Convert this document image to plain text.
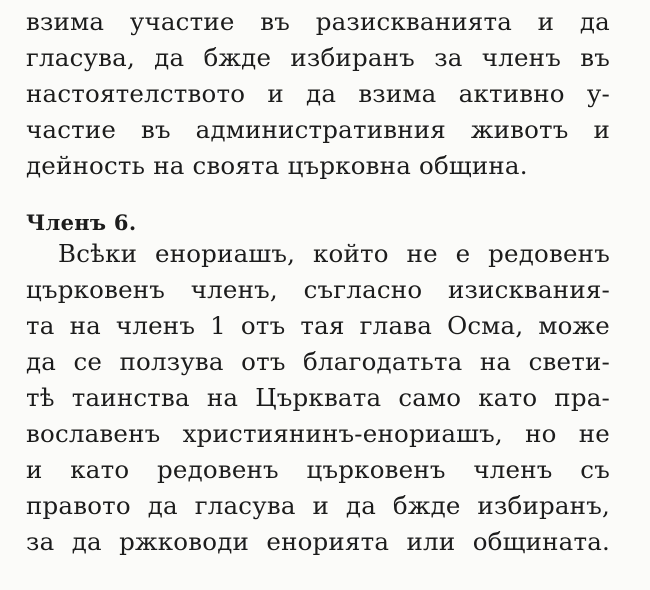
взима участие въ разискванията и да
гласува, да бжде избиранъ за членъ въ
настоятелството и да взима активно у-
частие въ административния животъ и
дейность на своята църковна община.
Членъ 6.
Всѣки енориашъ, който не е редовенъ
църковенъ членъ, съгласно изисквания-
та на членъ 1 отъ тая глава Осма, може
да се ползува отъ благодатьта на свети-
тѣ таинства на Църквата само като пра-
вославенъ християнинъ-енориашъ, но не
и като редовенъ църковенъ членъ съ
правото да гласува и да бжде избиранъ,
за да ржководи енорията или общината.
